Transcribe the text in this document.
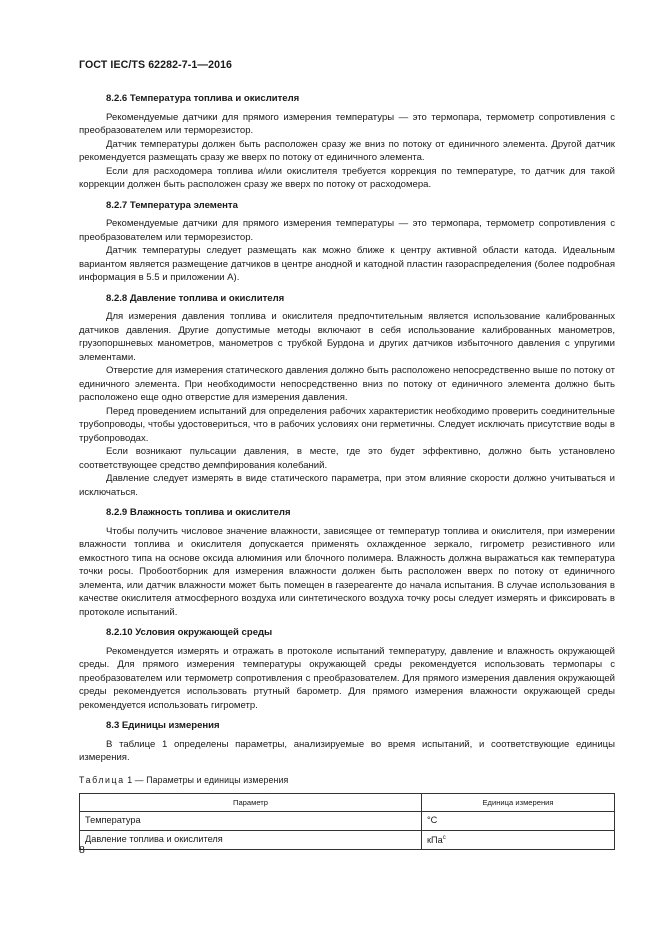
ГОСТ IEC/TS 62282-7-1—2016

8.2.6 Температура топлива и окислителя

Рекомендуемые датчики для прямого измерения температуры — это термопара, термометр сопротивления с преобразователем или терморезистор.

Датчик температуры должен быть расположен сразу же вниз по потоку от единичного элемента. Другой датчик рекомендуется размещать сразу же вверх по потоку от единичного элемента.

Если для расходомера топлива и/или окислителя требуется коррекция по температуре, то датчик для такой коррекции должен быть расположен сразу же вверх по потоку от расходомера.

8.2.7 Температура элемента

Рекомендуемые датчики для прямого измерения температуры — это термопара, термометр сопротивления с преобразователем или терморезистор.

Датчик температуры следует размещать как можно ближе к центру активной области катода. Идеальным вариантом является размещение датчиков в центре анодной и катодной пластин газораспределения (более подробная информация в 5.5 и приложении А).

8.2.8 Давление топлива и окислителя

Для измерения давления топлива и окислителя предпочтительным является использование калиброванных датчиков давления. Другие допустимые методы включают в себя использование калиброванных манометров, грузопоршневых манометров, манометров с трубкой Бурдона и других датчиков избыточного давления с упругими элементами.

Отверстие для измерения статического давления должно быть расположено непосредственно выше по потоку от единичного элемента. При необходимости непосредственно вниз по потоку от единичного элемента должно быть расположено еще одно отверстие для измерения давления.

Перед проведением испытаний для определения рабочих характеристик необходимо проверить соединительные трубопроводы, чтобы удостовериться, что в рабочих условиях они герметичны. Следует исключать присутствие воды в трубопроводах.

Если возникают пульсации давления, в месте, где это будет эффективно, должно быть установлено соответствующее средство демпфирования колебаний.

Давление следует измерять в виде статического параметра, при этом влияние скорости должно учитываться и исключаться.

8.2.9 Влажность топлива и окислителя

Чтобы получить числовое значение влажности, зависящее от температур топлива и окислителя, при измерении влажности топлива и окислителя допускается применять охлажденное зеркало, гигрометр резистивного или емкостного типа на основе оксида алюминия или блочного полимера. Влажность должна выражаться как температура точки росы. Пробоотборник для измерения влажности должен быть расположен вверх по потоку от единичного элемента, или датчик влажности может быть помещен в газереагенте до начала испытания. В случае использования в качестве окислителя атмосферного воздуха или синтетического воздуха точку росы следует измерять и фиксировать в протоколе испытаний.

8.2.10 Условия окружающей среды

Рекомендуется измерять и отражать в протоколе испытаний температуру, давление и влажность окружающей среды. Для прямого измерения температуры окружающей среды рекомендуется использовать термопары с преобразователем или термометр сопротивления с преобразователем. Для прямого измерения давления окружающей среды рекомендуется использовать ртутный барометр. Для прямого измерения влажности окружающей среды рекомендуется использовать гигрометр.

8.3 Единицы измерения

В таблице 1 определены параметры, анализируемые во время испытаний, и соответствующие единицы измерения.

Таблица 1 — Параметры и единицы измерения
Параметр	Единица измерения
Температура	°С
Давление топлива и окислителя	кПа$^c$
8
